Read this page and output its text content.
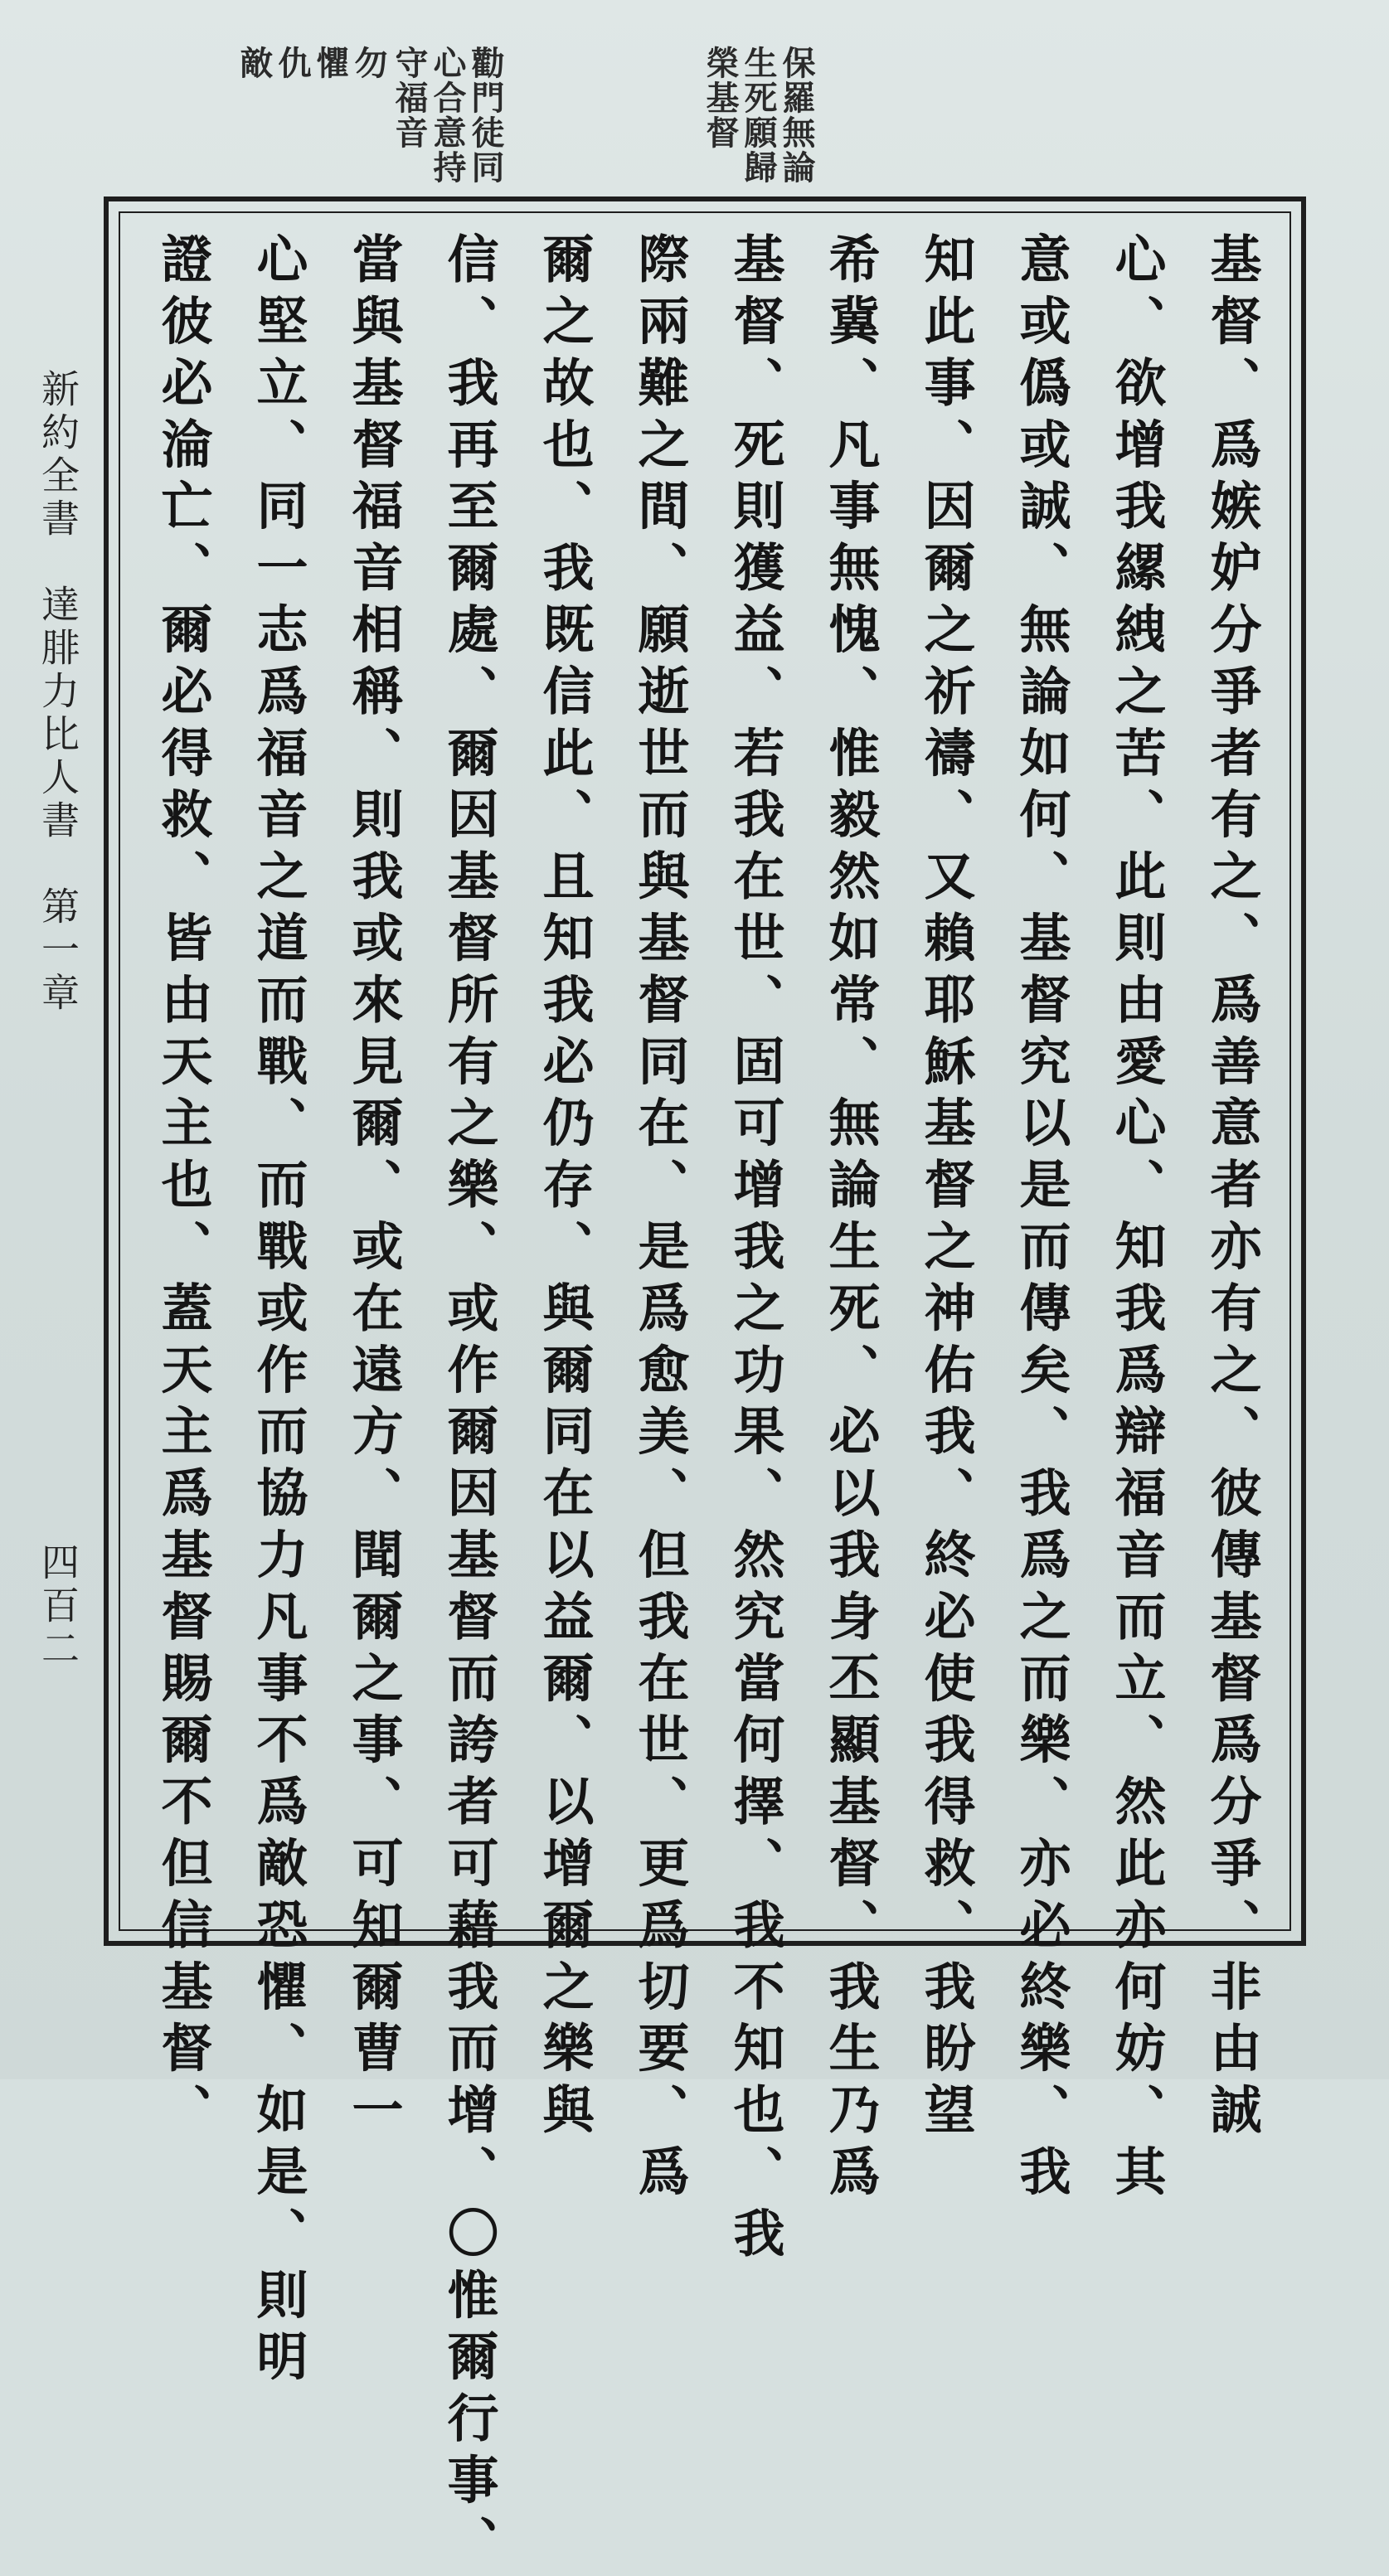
保羅無論
生死願歸
榮基督
勸門徒同
心合意持
守福音
勿
懼
仇
敵
新約全書　達腓力比人書　第一章
四百二	基督、爲嫉妒分爭者有之、爲善意者亦有之、彼傳基督爲分爭、非由誠
心、欲增我縲絏之苦、此則由愛心、知我爲辯福音而立、然此亦何妨、其
意或僞或誠、無論如何、基督究以是而傳矣、我爲之而樂、亦必終樂、我
知此事、因爾之祈禱、又賴耶穌基督之神佑我、終必使我得救、我盼望
希冀、凡事無愧、惟毅然如常、無論生死、必以我身丕顯基督、我生乃爲
基督、死則獲益、若我在世、固可增我之功果、然究當何擇、我不知也、我
際兩難之間、願逝世而與基督同在、是爲愈美、但我在世、更爲切要、爲
爾之故也、我既信此、且知我必仍存、與爾同在以益爾、以增爾之樂與
信、我再至爾處、爾因基督所有之樂、或作爾因基督而誇者可藉我而增、〇惟爾行事、
當與基督福音相稱、則我或來見爾、或在遠方、聞爾之事、可知爾曹一
心堅立、同一志爲福音之道而戰、而戰或作而協力凡事不爲敵恐懼、如是、則明
證彼必淪亡、爾必得救、皆由天主也、蓋天主爲基督賜爾不但信基督、
